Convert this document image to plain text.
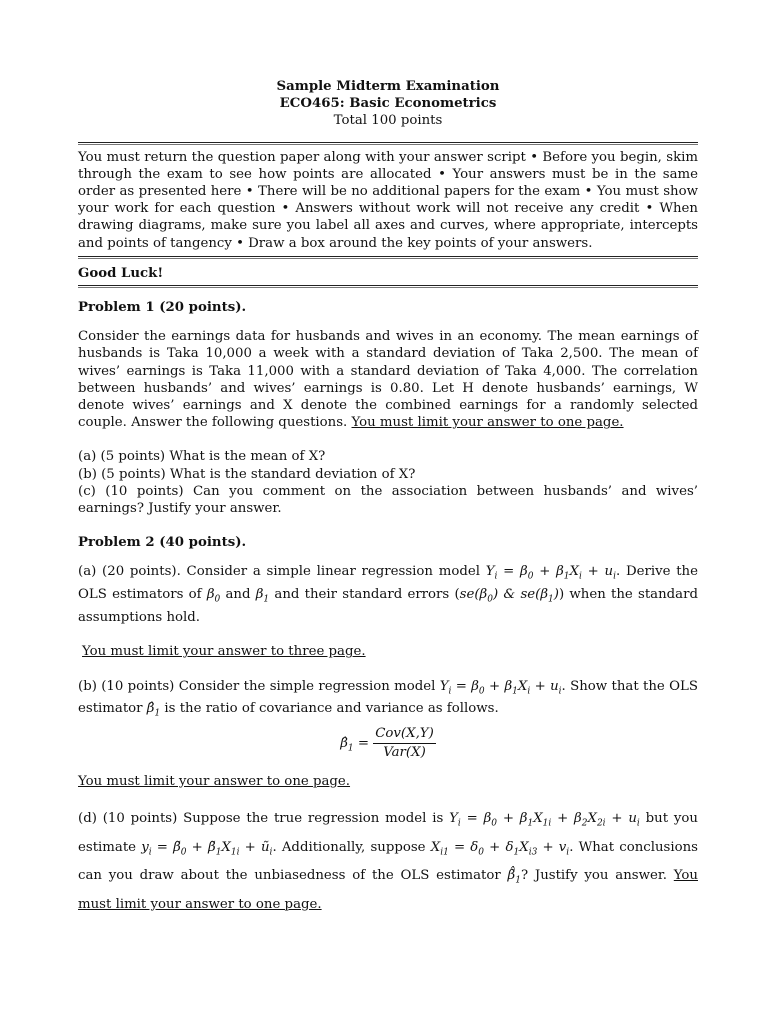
Sample Midterm Examination
ECO465: Basic Econometrics
Total 100 points

You must return the question paper along with your answer script • Before you begin, skim through the exam to see how points are allocated • Your answers must be in the same order as presented here • There will be no additional papers for the exam • You must show your work for each question • Answers without work will not receive any credit • When drawing diagrams, make sure you label all axes and curves, where appropriate, intercepts and points of tangency • Draw a box around the key points of your answers.

Good Luck!
Problem 1 (20 points).

Consider the earnings data for husbands and wives in an economy. The mean earnings of husbands is Taka 10,000 a week with a standard deviation of Taka 2,500. The mean of wives’ earnings is Taka 11,000 with a standard deviation of Taka 4,000. The correlation between husbands’ and wives’ earnings is 0.80. Let H denote husbands’ earnings, W denote wives’ earnings and X denote the combined earnings for a randomly selected couple. Answer the following questions. You must limit your answer to one page.

(a) (5 points) What is the mean of X?

(b) (5 points) What is the standard deviation of X?

(c) (10 points) Can you comment on the association between husbands’ and wives’ earnings? Justify your answer.

Problem 2 (40 points).

(a) (20 points). Consider a simple linear regression model $Y_i = \beta_0 + \beta_1X_i + u_i$. Derive the OLS estimators of $\beta_0$ and $\beta_1$ and their standard errors ($se(\beta_0)$ & $se(\beta_1)$) when the standard assumptions hold.

You must limit your answer to three page.

(b) (10 points) Consider the simple regression model $Y_i = \beta_0 + \beta_1X_i + u_i$. Show that the OLS estimator $\betâ_1$ is the ratio of covariance and variance as follows.

$\betâ_1 = \frac{\text{Cov(X,Y)}}{\text{Var(X)}}$

You must limit your answer to one page.

(d) (10 points) Suppose the true regression model is $Y_i = \beta_0 + \beta_1X_{1i} + \beta_2X_{2i} + u_i$ but you estimate $y_i$ = $\betã_0$ + $\betã_1X_{1i}$ + $ũ_i$. Additionally, suppose $X_{i1} = \delta_0 + \delta_1X_{i3} + v_i$. What conclusions can you draw about the unbiasedness of the OLS estimator $\betã̂_1$? Justify you answer. You must limit your answer to one page.
